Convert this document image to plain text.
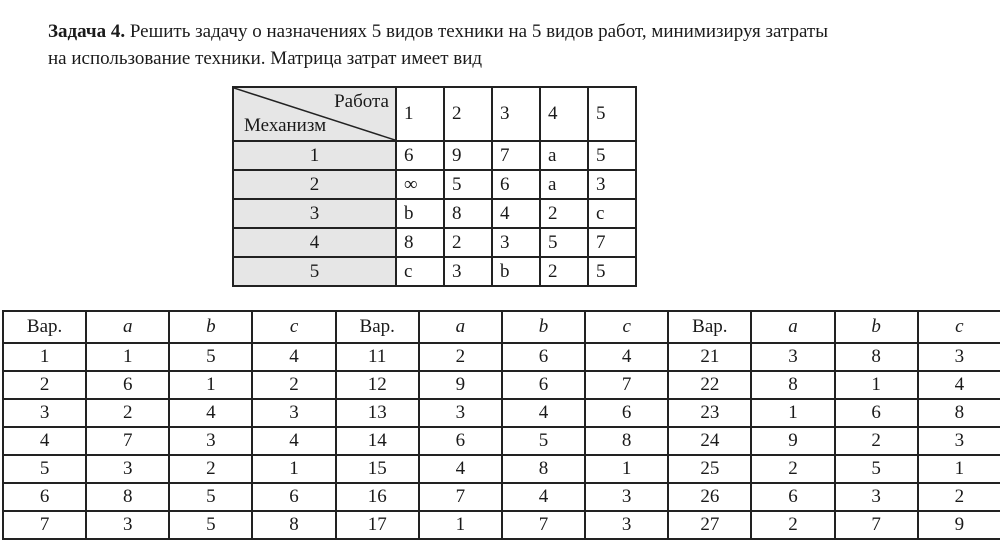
Задача 4. Решить задачу о назначениях 5 видов техники на 5 видов работ, минимизируя затраты
на использование техники. Матрица затрат имеет вид
Работа
Механизм	1	2	3	4	5
1	6	9	7	a	5
2	∞	5	6	a	3
3	b	8	4	2	c
4	8	2	3	5	7
5	c	3	b	2	5
Вар.	a	b	c	Вар.	a	b	c	Вар.	a	b	c
1	1	5	4	11	2	6	4	21	3	8	3
2	6	1	2	12	9	6	7	22	8	1	4
3	2	4	3	13	3	4	6	23	1	6	8
4	7	3	4	14	6	5	8	24	9	2	3
5	3	2	1	15	4	8	1	25	2	5	1
6	8	5	6	16	7	4	3	26	6	3	2
7	3	5	8	17	1	7	3	27	2	7	9
